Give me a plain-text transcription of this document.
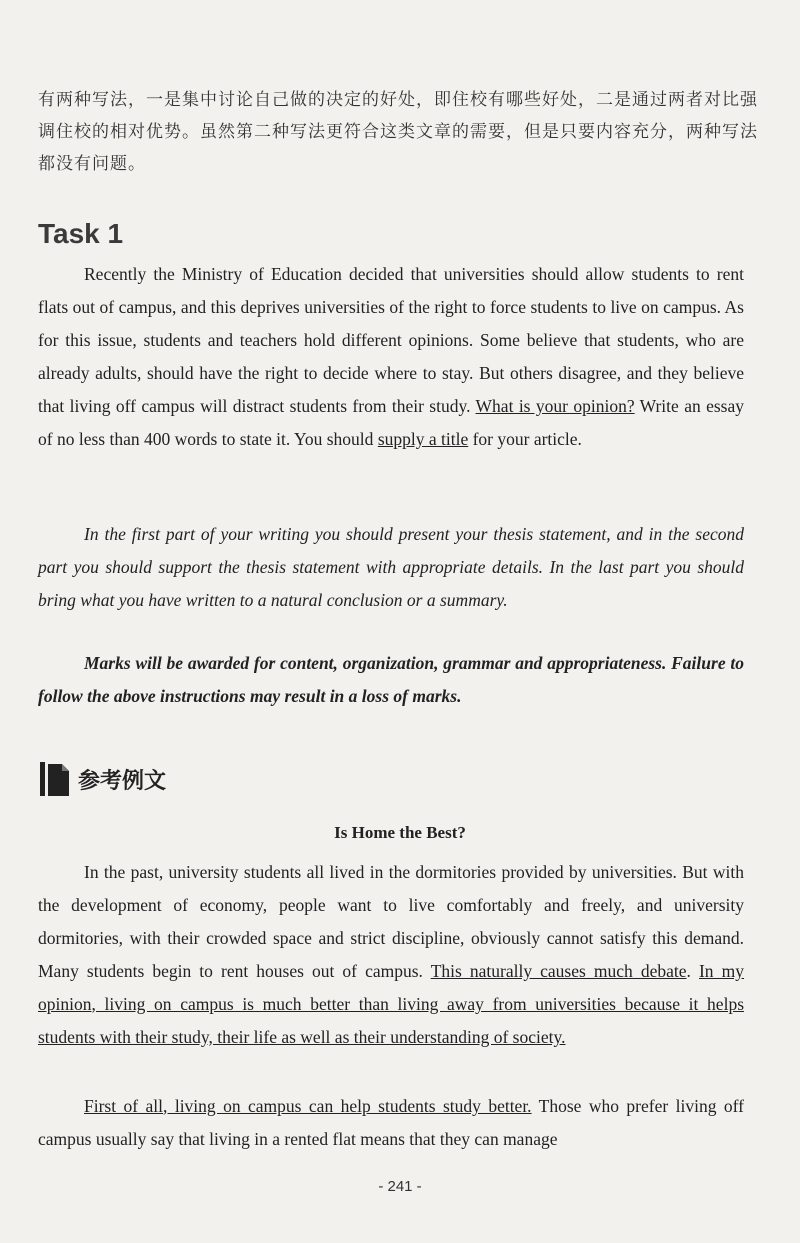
有两种写法，一是集中讨论自己做的决定的好处，即住校有哪些好处，二是通过两者对比强调住校的相对优势。虽然第二种写法更符合这类文章的需要，但是只要内容充分，两种写法都没有问题。

Task 1

Recently the Ministry of Education decided that universities should allow students to rent flats out of campus, and this deprives universities of the right to force students to live on campus. As for this issue, students and teachers hold different opinions. Some believe that students, who are already adults, should have the right to decide where to stay. But others disagree, and they believe that living off campus will distract students from their study. What is your opinion? Write an essay of no less than 400 words to state it. You should supply a title for your article.

In the first part of your writing you should present your thesis statement, and in the second part you should support the thesis statement with appropriate details. In the last part you should bring what you have written to a natural conclusion or a summary.

Marks will be awarded for content, organization, grammar and appropriateness. Failure to follow the above instructions may result in a loss of marks.

参考例文

Is Home the Best?

In the past, university students all lived in the dormitories provided by universities. But with the development of economy, people want to live comfortably and freely, and university dormitories, with their crowded space and strict discipline, obviously cannot satisfy this demand. Many students begin to rent houses out of campus. This naturally causes much debate. In my opinion, living on campus is much better than living away from universities because it helps students with their study, their life as well as their understanding of society.

First of all, living on campus can help students study better. Those who prefer living off campus usually say that living in a rented flat means that they can manage

- 241 -
